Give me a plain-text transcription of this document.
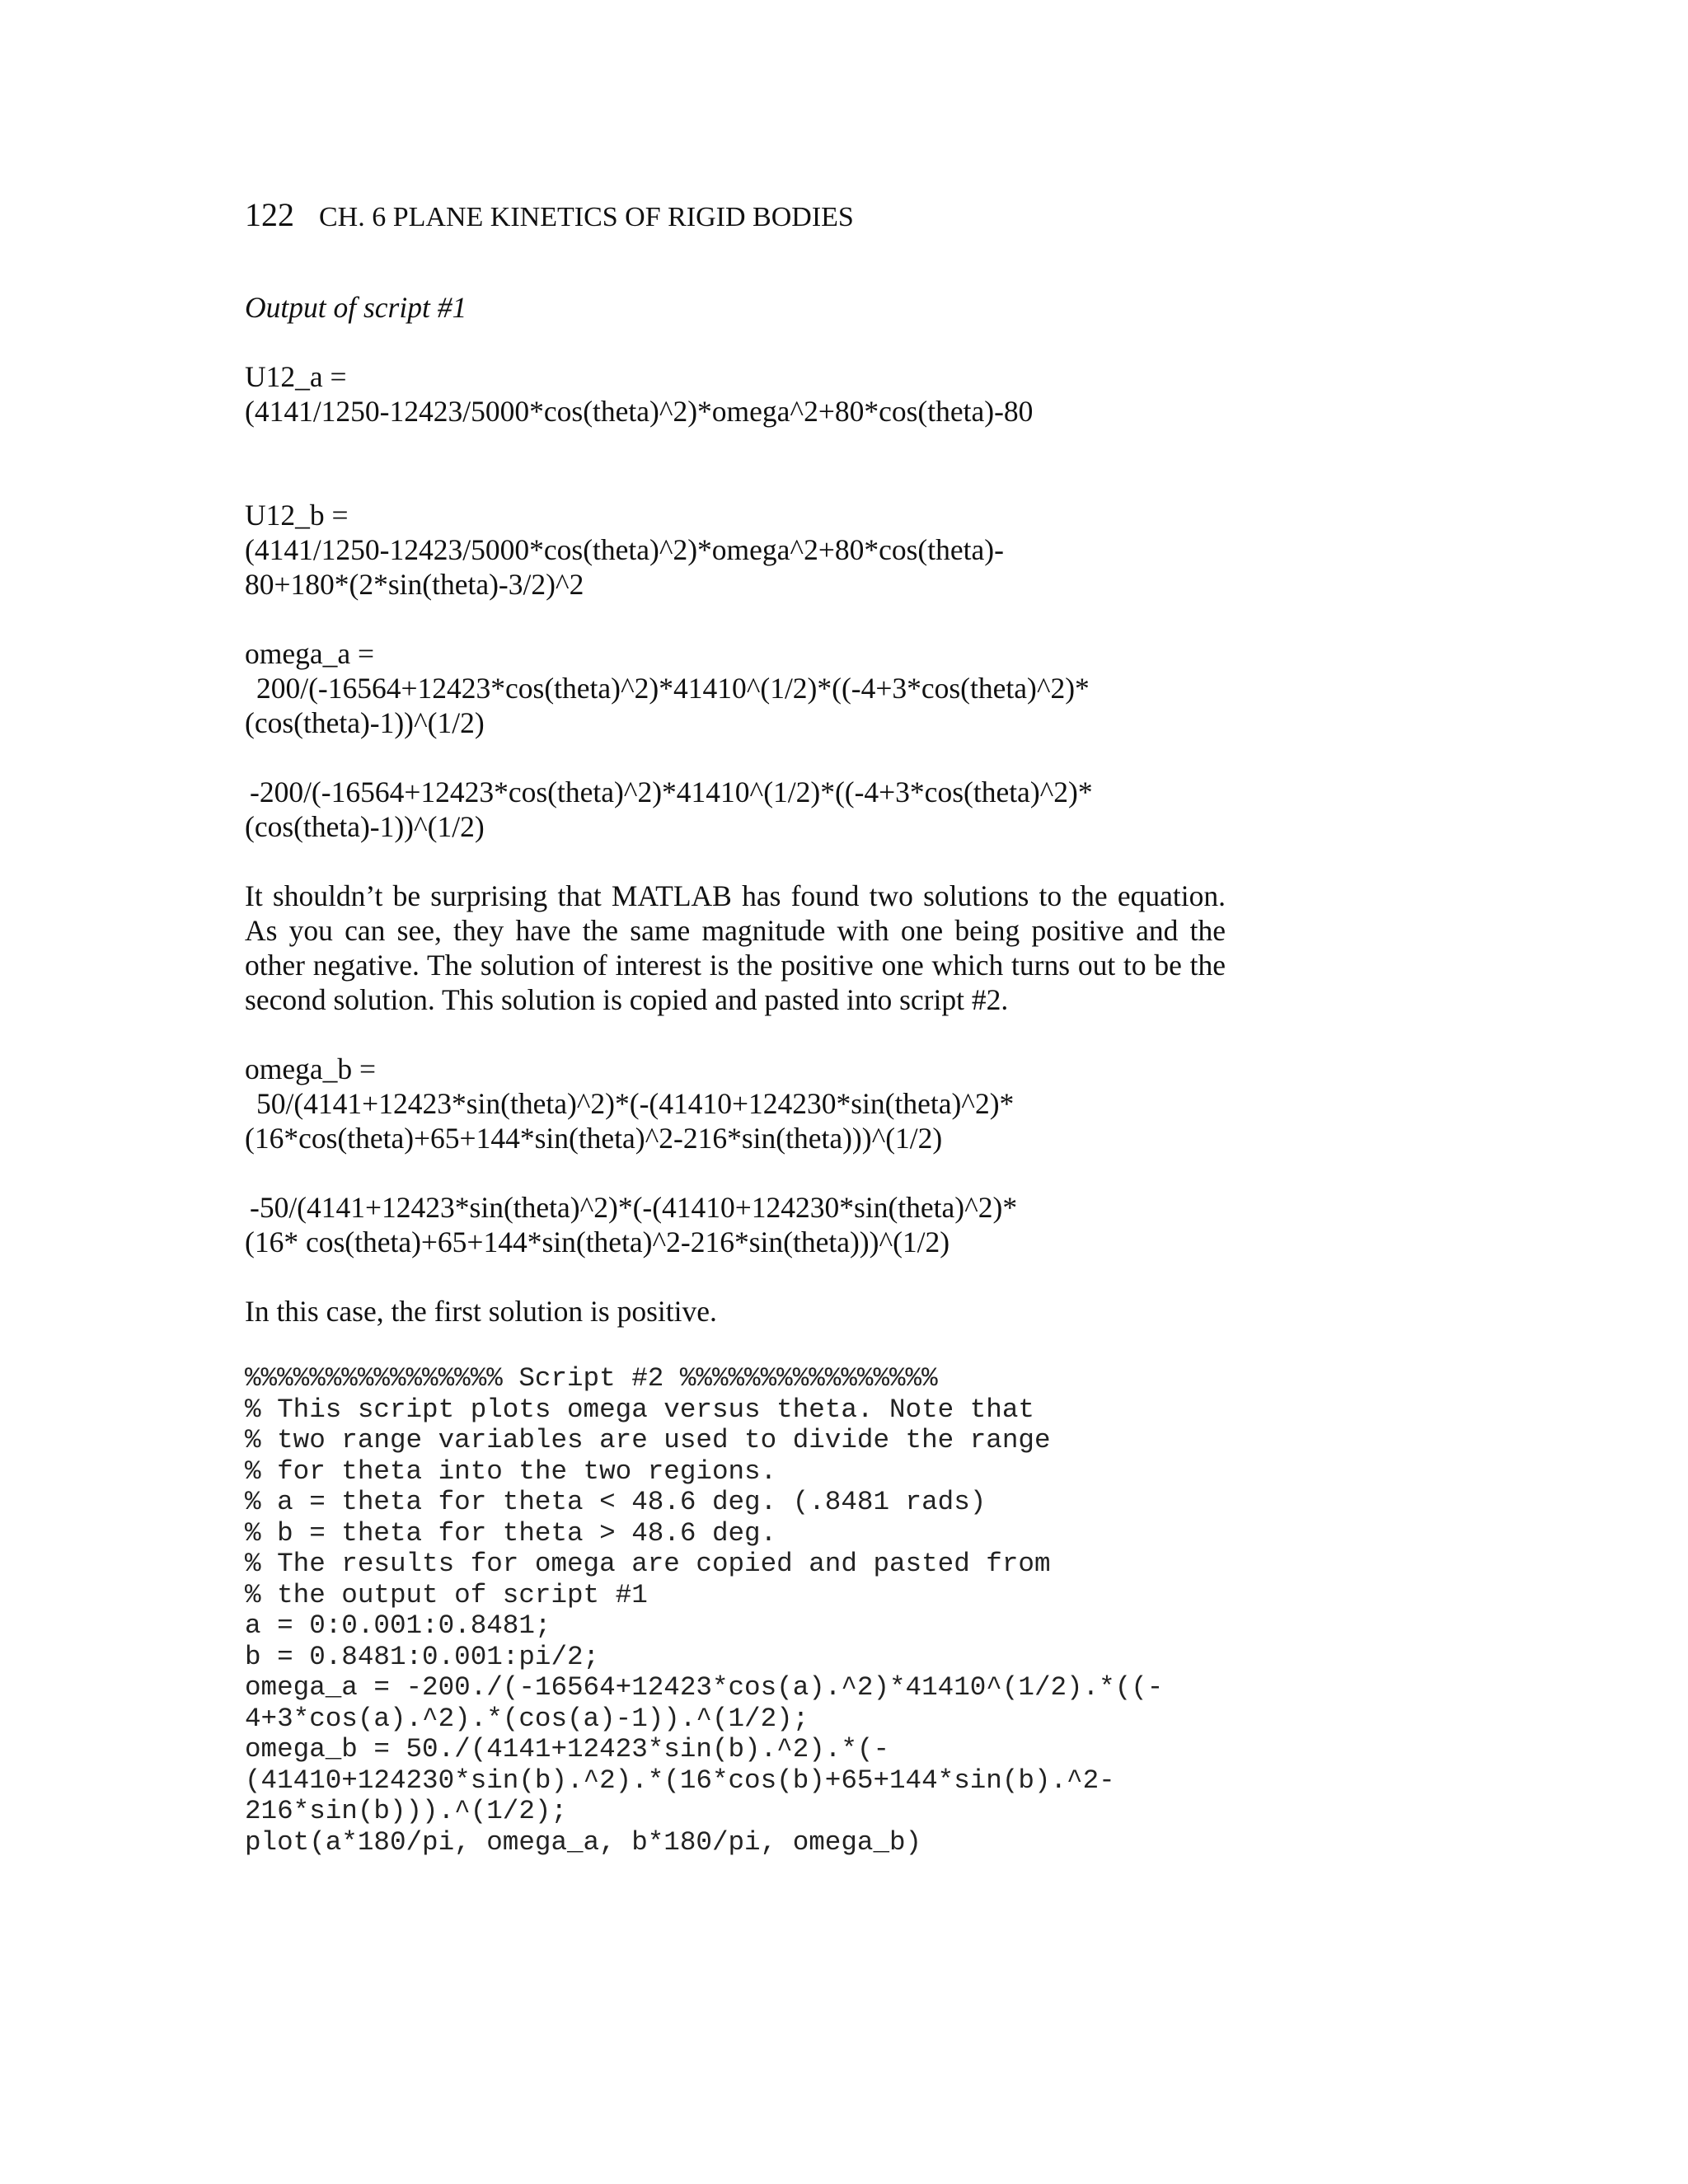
122 CH. 6 PLANE KINETICS OF RIGID BODIES

Output of script #1

U12_a =

(4141/1250-12423/5000*cos(theta)^2)*omega^2+80*cos(theta)-80

U12_b =

(4141/1250-12423/5000*cos(theta)^2)*omega^2+80*cos(theta)-

80+180*(2*sin(theta)-3/2)^2

omega_a =

200/(-16564+12423*cos(theta)^2)*41410^(1/2)*((-4+3*cos(theta)^2)*

(cos(theta)-1))^(1/2)

-200/(-16564+12423*cos(theta)^2)*41410^(1/2)*((-4+3*cos(theta)^2)*

(cos(theta)-1))^(1/2)

It shouldn’t be surprising that MATLAB has found two solutions to the equation. As you can see, they have the same magnitude with one being positive and the other negative. The solution of interest is the positive one which turns out to be the second solution. This solution is copied and pasted into script #2.

omega_b =

50/(4141+12423*sin(theta)^2)*(-(41410+124230*sin(theta)^2)*

(16*cos(theta)+65+144*sin(theta)^2-216*sin(theta)))^(1/2)

-50/(4141+12423*sin(theta)^2)*(-(41410+124230*sin(theta)^2)*

(16* cos(theta)+65+144*sin(theta)^2-216*sin(theta)))^(1/2)

In this case, the first solution is positive.

%%%%%%%%%%%%%%%% Script #2 %%%%%%%%%%%%%%%%
% This script plots omega versus theta. Note that
% two range variables are used to divide the range
% for theta into the two regions.
% a = theta for theta < 48.6 deg. (.8481 rads)
% b = theta for theta > 48.6 deg.
% The results for omega are copied and pasted from
% the output of script #1
a = 0:0.001:0.8481;
b = 0.8481:0.001:pi/2;
omega_a = -200./(-16564+12423*cos(a).^2)*41410^(1/2).*((-
4+3*cos(a).^2).*(cos(a)-1)).^(1/2);
omega_b = 50./(4141+12423*sin(b).^2).*(-
(41410+124230*sin(b).^2).*(16*cos(b)+65+144*sin(b).^2-
216*sin(b))).^(1/2);
plot(a*180/pi, omega_a, b*180/pi, omega_b)
